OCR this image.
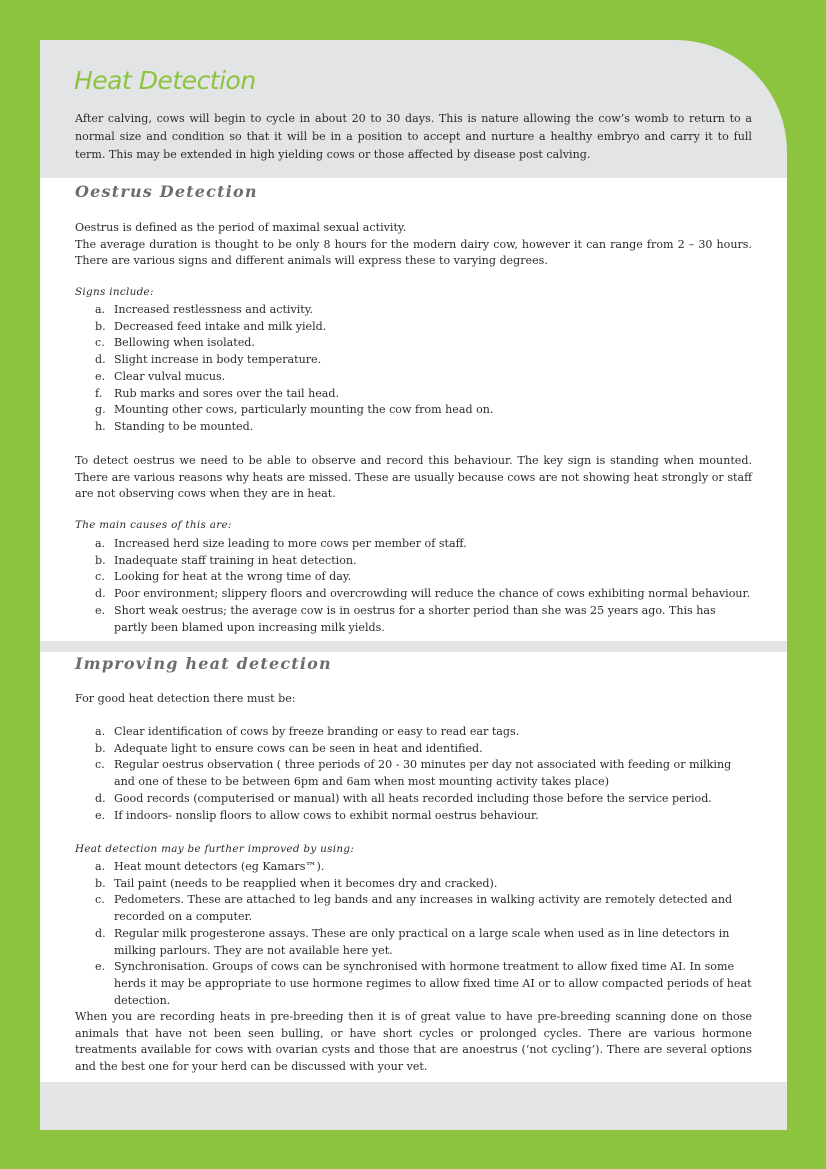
Heat Detection

After calving, cows will begin to cycle in about 20 to 30 days. This is nature allowing the cow’s womb to return to a normal size and condition so that it will be in a position to accept and nurture a healthy embryo and carry it to full term. This may be extended in high yielding cows or those affected by disease post calving.

Oestrus Detection

Oestrus is defined as the period of maximal sexual activity.
The average duration is thought to be only 8 hours for the modern dairy cow, however it can range from 2 – 30 hours. There are various signs and different animals will express these to varying degrees.

Signs include:

a. Increased restlessness and activity.
b. Decreased feed intake and milk yield.
c. Bellowing when isolated.
d. Slight increase in body temperature.
e. Clear vulval mucus.
f. Rub marks and sores over the tail head.
g. Mounting other cows, particularly mounting the cow from head on.
h. Standing to be mounted.

To detect oestrus we need to be able to observe and record this behaviour. The key sign is standing when mounted. There are various reasons why heats are missed. These are usually because cows are not showing heat strongly or staff are not observing cows when they are in heat.

The main causes of this are:

a. Increased herd size leading to more cows per member of staff.
b. Inadequate staff training in heat detection.
c. Looking for heat at the wrong time of day.
d. Poor environment; slippery floors and overcrowding will reduce the chance of cows exhibiting normal behaviour.
e. Short weak oestrus; the average cow is in oestrus for a shorter period than she was 25 years ago. This has partly been blamed upon increasing milk yields.
Improving heat detection

For good heat detection there must be:

a. Clear identification of cows by freeze branding or easy to read ear tags.
b. Adequate light to ensure cows can be seen in heat and identified.
c. Regular oestrus observation ( three periods of 20 - 30 minutes per day not associated with feeding or milking and one of these to be between 6pm and 6am when most mounting activity takes place)
d. Good records (computerised or manual) with all heats recorded including those before the service period.
e. If indoors- nonslip floors to allow cows to exhibit normal oestrus behaviour.

Heat detection may be further improved by using:

a. Heat mount detectors (eg Kamars™).
b. Tail paint (needs to be reapplied when it becomes dry and cracked).
c. Pedometers. These are attached to leg bands and any increases in walking activity are remotely detected and recorded on a computer.
d. Regular milk progesterone assays. These are only practical on a large scale when used as in line detectors in milking parlours. They are not available here yet.
e. Synchronisation. Groups of cows can be synchronised with hormone treatment to allow fixed time AI. In some herds it may be appropriate to use hormone regimes to allow fixed time AI or to allow compacted periods of heat detection.

When you are recording heats in pre-breeding then it is of great value to have pre-breeding scanning done on those animals that have not been seen bulling, or have short cycles or prolonged cycles. There are various hormone treatments available for cows with ovarian cysts and those that are anoestrus (‘not cycling’). There are several options and the best one for your herd can be discussed with your vet.
